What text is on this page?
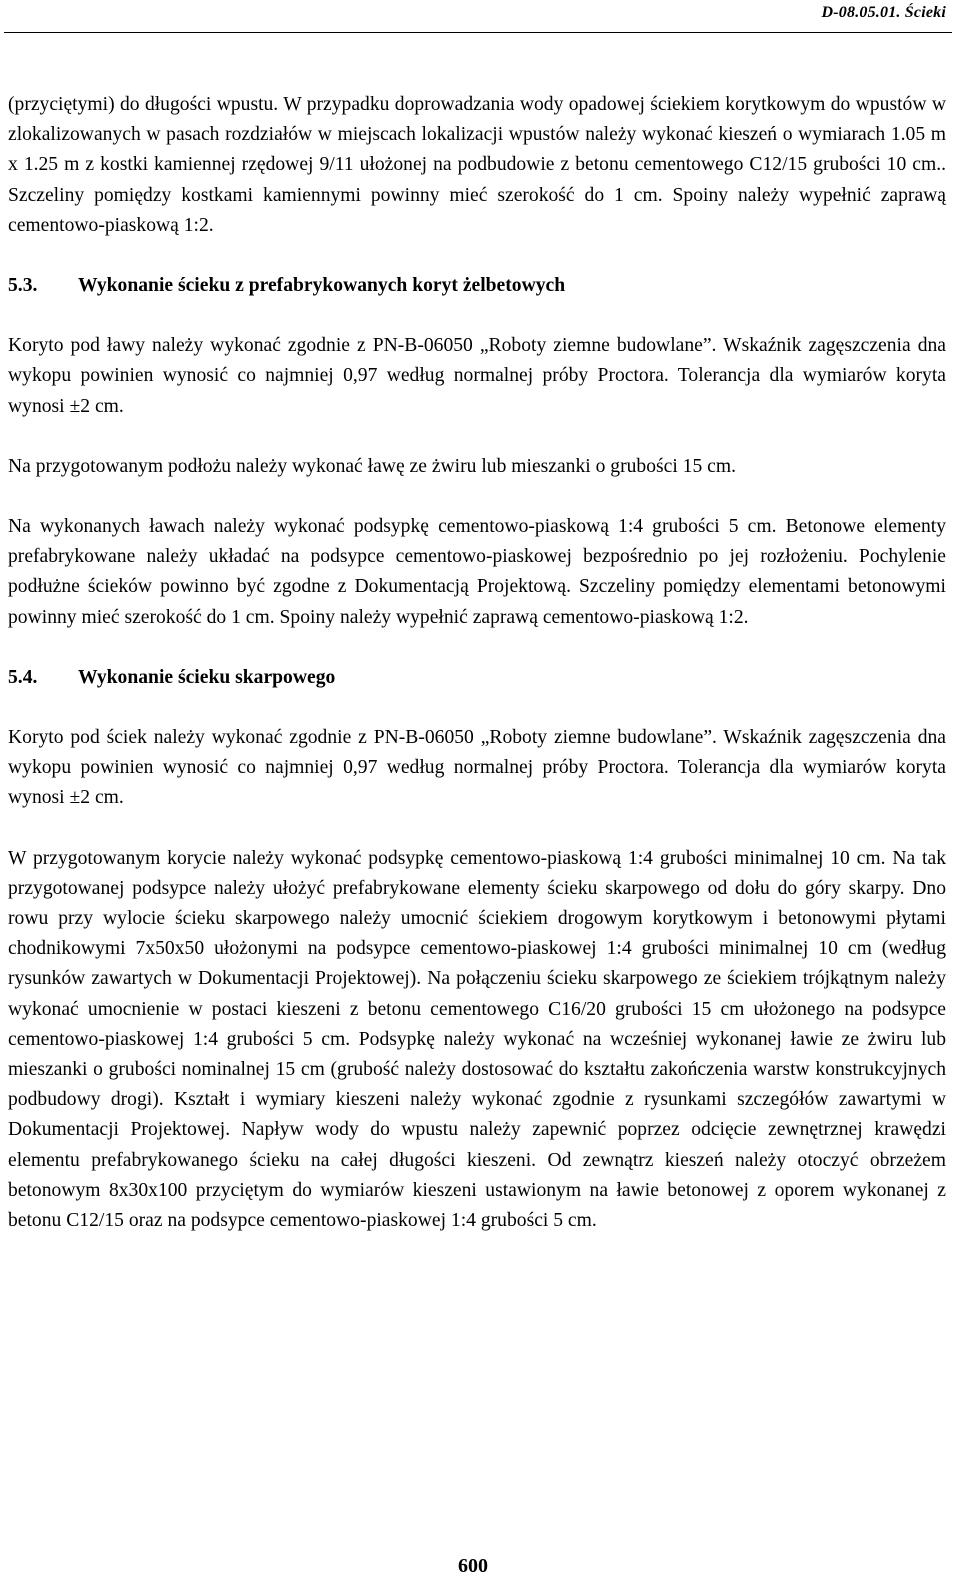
D-08.05.01. Ścieki

(przyciętymi) do długości wpustu. W przypadku doprowadzania wody opadowej ściekiem korytkowym do wpustów w zlokalizowanych w pasach rozdziałów w miejscach lokalizacji wpustów należy wykonać kieszeń o wymiarach 1.05 m x 1.25 m z kostki kamiennej rzędowej 9/11 ułożonej na podbudowie z betonu cementowego C12/15 grubości 10 cm.. Szczeliny pomiędzy kostkami kamiennymi powinny mieć szerokość do 1 cm. Spoiny należy wypełnić zaprawą cementowo-piaskową 1:2.

5.3. Wykonanie ścieku z prefabrykowanych koryt żelbetowych

Koryto pod ławy należy wykonać zgodnie z PN-B-06050 „Roboty ziemne budowlane”. Wskaźnik zagęszczenia dna wykopu powinien wynosić co najmniej 0,97 według normalnej próby Proctora. Tolerancja dla wymiarów koryta wynosi ±2 cm.

Na przygotowanym podłożu należy wykonać ławę ze żwiru lub mieszanki o grubości 15 cm.

Na wykonanych ławach należy wykonać podsypkę cementowo-piaskową 1:4 grubości 5 cm. Betonowe elementy prefabrykowane należy układać na podsypce cementowo-piaskowej bezpośrednio po jej rozłożeniu. Pochylenie podłużne ścieków powinno być zgodne z Dokumentacją Projektową. Szczeliny pomiędzy elementami betonowymi powinny mieć szerokość do 1 cm. Spoiny należy wypełnić zaprawą cementowo-piaskową 1:2.

5.4. Wykonanie ścieku skarpowego

Koryto pod ściek należy wykonać zgodnie z PN-B-06050 „Roboty ziemne budowlane”. Wskaźnik zagęszczenia dna wykopu powinien wynosić co najmniej 0,97 według normalnej próby Proctora. Tolerancja dla wymiarów koryta wynosi ±2 cm.

W przygotowanym korycie należy wykonać podsypkę cementowo-piaskową 1:4 grubości minimalnej 10 cm. Na tak przygotowanej podsypce należy ułożyć prefabrykowane elementy ścieku skarpowego od dołu do góry skarpy. Dno rowu przy wylocie ścieku skarpowego należy umocnić ściekiem drogowym korytkowym i betonowymi płytami chodnikowymi 7x50x50 ułożonymi na podsypce cementowo-piaskowej 1:4 grubości minimalnej 10 cm (według rysunków zawartych w Dokumentacji Projektowej). Na połączeniu ścieku skarpowego ze ściekiem trójkątnym należy wykonać umocnienie w postaci kieszeni z betonu cementowego C16/20 grubości 15 cm ułożonego na podsypce cementowo-piaskowej 1:4 grubości 5 cm. Podsypkę należy wykonać na wcześniej wykonanej ławie ze żwiru lub mieszanki o grubości nominalnej 15 cm (grubość należy dostosować do kształtu zakończenia warstw konstrukcyjnych podbudowy drogi). Kształt i wymiary kieszeni należy wykonać zgodnie z rysunkami szczegółów zawartymi w Dokumentacji Projektowej. Napływ wody do wpustu należy zapewnić poprzez odcięcie zewnętrznej krawędzi elementu prefabrykowanego ścieku na całej długości kieszeni. Od zewnątrz kieszeń należy otoczyć obrzeżem betonowym 8x30x100 przyciętym do wymiarów kieszeni ustawionym na ławie betonowej z oporem wykonanej z betonu C12/15 oraz na podsypce cementowo-piaskowej 1:4 grubości 5 cm.

600
